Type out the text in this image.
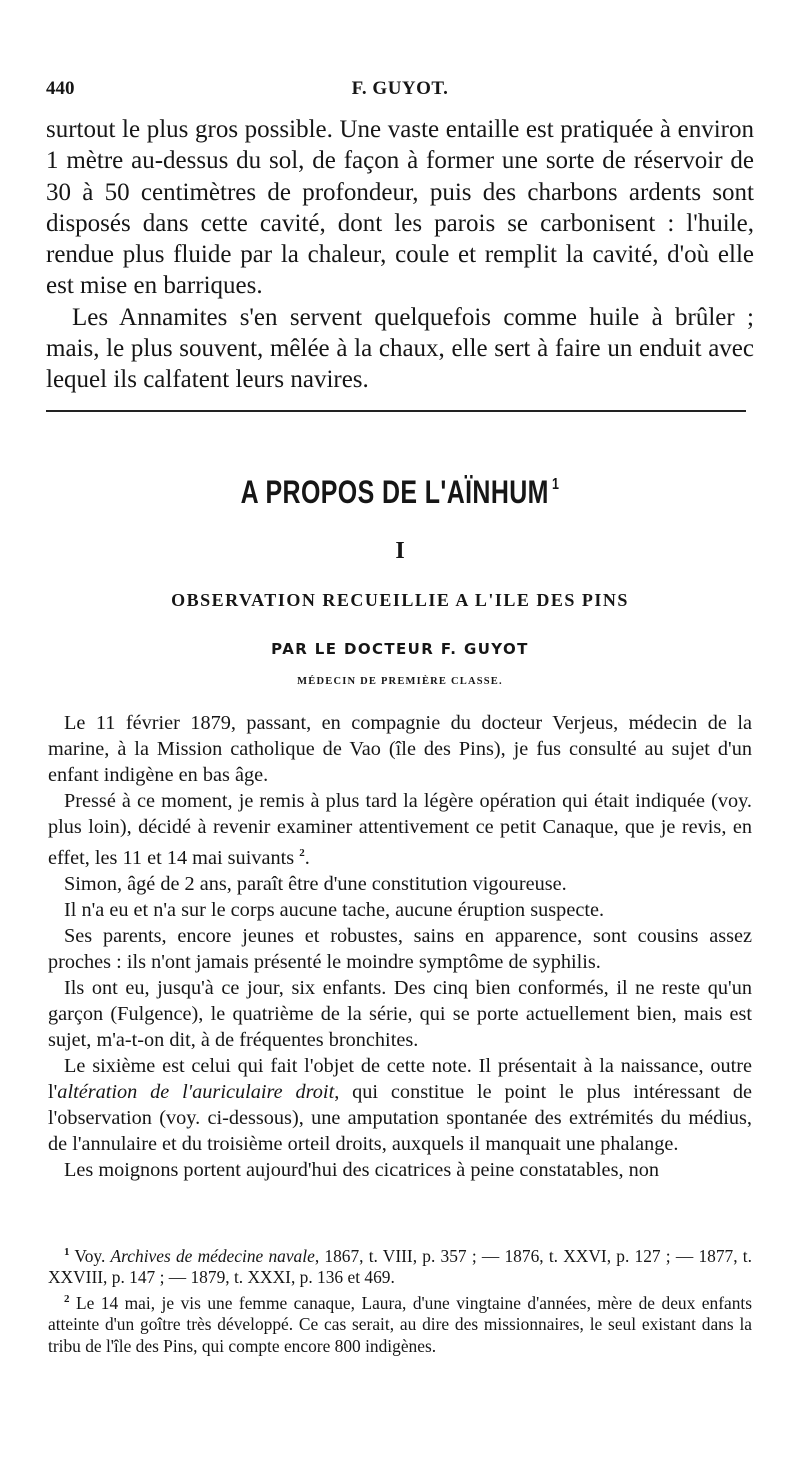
440	F. GUYOT.

surtout le plus gros possible. Une vaste entaille est pratiquée à environ 1 mètre au-dessus du sol, de façon à former une sorte de réservoir de 30 à 50 centimètres de profondeur, puis des charbons ardents sont disposés dans cette cavité, dont les parois se carbonisent : l'huile, rendue plus fluide par la chaleur, coule et remplit la cavité, d'où elle est mise en barriques.

Les Annamites s'en servent quelquefois comme huile à brûler ; mais, le plus souvent, mêlée à la chaux, elle sert à faire un enduit avec lequel ils calfatent leurs navires.

A PROPOS DE L'AÏNHUM $^1$
I
OBSERVATION RECUEILLIE A L'ILE DES PINS
PAR LE DOCTEUR F. GUYOT
MÉDECIN DE PREMIÈRE CLASSE.

Le 11 février 1879, passant, en compagnie du docteur Verjeus, médecin de la marine, à la Mission catholique de Vao (île des Pins), je fus consulté au sujet d'un enfant indigène en bas âge.

Pressé à ce moment, je remis à plus tard la légère opération qui était indiquée (voy. plus loin), décidé à revenir examiner attentivement ce petit Canaque, que je revis, en effet, les 11 et 14 mai suivants $^2$.

Simon, âgé de 2 ans, paraît être d'une constitution vigoureuse.

Il n'a eu et n'a sur le corps aucune tache, aucune éruption suspecte.

Ses parents, encore jeunes et robustes, sains en apparence, sont cousins assez proches : ils n'ont jamais présenté le moindre symptôme de syphilis.

Ils ont eu, jusqu'à ce jour, six enfants. Des cinq bien conformés, il ne reste qu'un garçon (Fulgence), le quatrième de la série, qui se porte actuellement bien, mais est sujet, m'a-t-on dit, à de fréquentes bronchites.

Le sixième est celui qui fait l'objet de cette note. Il présentait à la naissance, outre l'altération de l'auriculaire droit, qui constitue le point le plus intéressant de l'observation (voy. ci-dessous), une amputation spontanée des extrémités du médius, de l'annulaire et du troisième orteil droits, auxquels il manquait une phalange.

Les moignons portent aujourd'hui des cicatrices à peine constatables, non

$^1$ Voy. Archives de médecine navale, 1867, t. VIII, p. 357 ; — 1876, t. XXVI, p. 127 ; — 1877, t. XXVIII, p. 147 ; — 1879, t. XXXI, p. 136 et 469.

$^2$ Le 14 mai, je vis une femme canaque, Laura, d'une vingtaine d'années, mère de deux enfants atteinte d'un goître très développé. Ce cas serait, au dire des missionnaires, le seul existant dans la tribu de l'île des Pins, qui compte encore 800 indigènes.
